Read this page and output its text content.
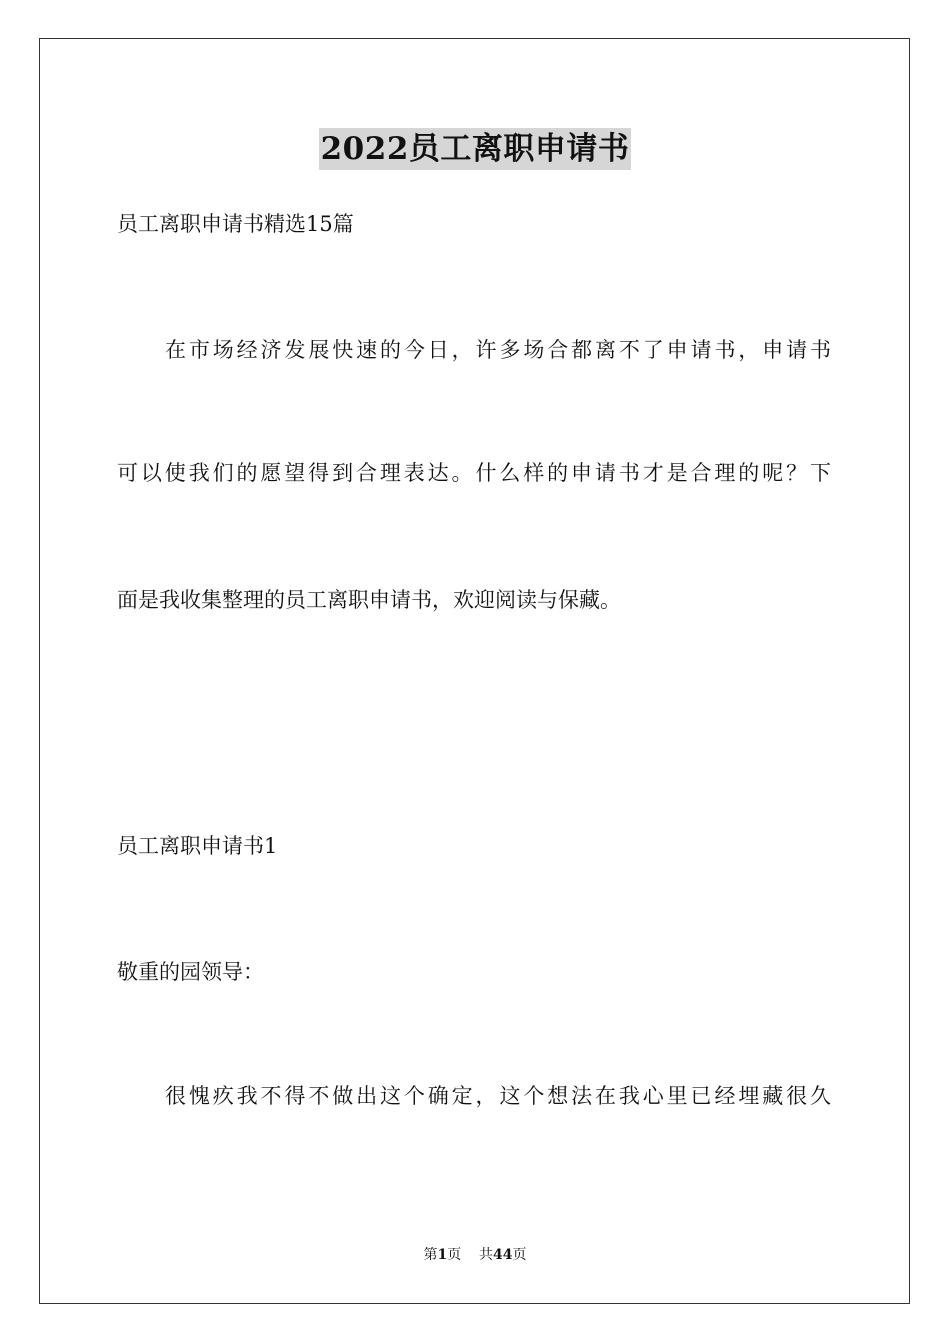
2022员工离职申请书
员工离职申请书精选15篇
在市场经济发展快速的今日，许多场合都离不了申请书，申请书
可以使我们的愿望得到合理表达。什么样的申请书才是合理的呢？下
面是我收集整理的员工离职申请书，欢迎阅读与保藏。
员工离职申请书1
敬重的园领导：
很愧疚我不得不做出这个确定，这个想法在我心里已经埋藏很久
第1页 共44页
